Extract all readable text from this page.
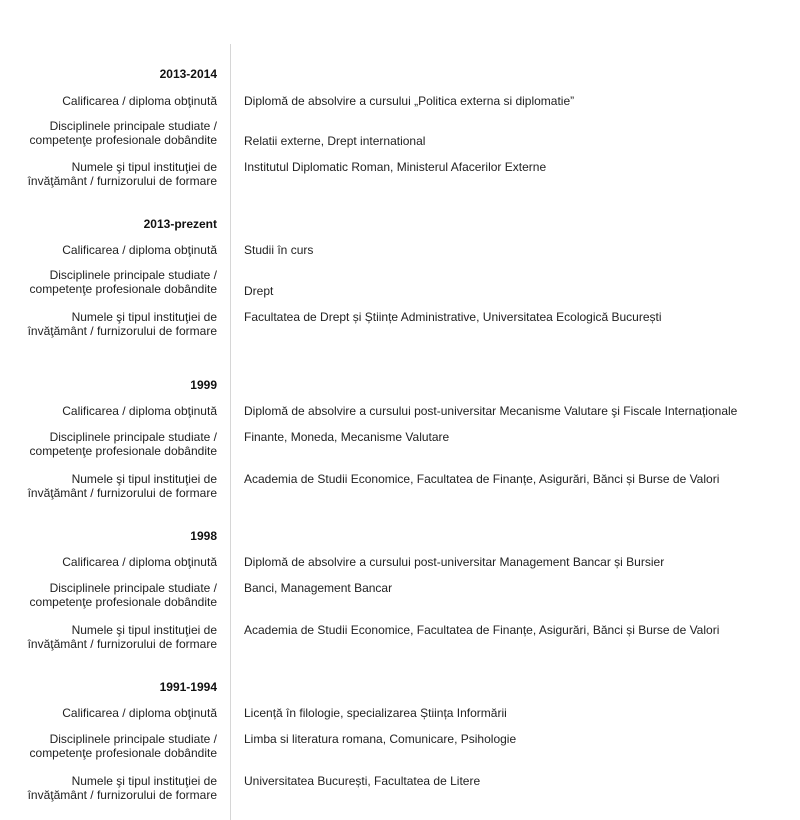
2013-2014
Calificarea / diploma obţinută Diplomă de absolvire a cursului „Politica externa si diplomatie”
Disciplinele principale studiate /
competenţe profesionale dobândite Relatii externe, Drept international
Numele şi tipul instituţiei de
învăţământ / furnizorului de formare
Institutul Diplomatic Roman, Ministerul Afacerilor Externe
2013-prezent
Calificarea / diploma obţinută Studii în curs
Disciplinele principale studiate /
competenţe profesionale dobândite Drept
Numele şi tipul instituţiei de
învăţământ / furnizorului de formare
Facultatea de Drept și Științe Administrative, Universitatea Ecologică București
1999
Calificarea / diploma obţinută Diplomă de absolvire a cursului post-universitar Mecanisme Valutare şi Fiscale Internaționale
Disciplinele principale studiate /
competenţe profesionale dobândite
Finante, Moneda, Mecanisme Valutare
Numele şi tipul instituţiei de
învăţământ / furnizorului de formare
Academia de Studii Economice, Facultatea de Finanțe, Asigurări, Bănci și Burse de Valori
1998
Calificarea / diploma obţinută Diplomă de absolvire a cursului post-universitar Management Bancar și Bursier
Disciplinele principale studiate /
competenţe profesionale dobândite
Banci, Management Bancar
Numele şi tipul instituţiei de
învăţământ / furnizorului de formare
Academia de Studii Economice, Facultatea de Finanțe, Asigurări, Bănci și Burse de Valori
1991-1994
Calificarea / diploma obţinută Licență în filologie, specializarea Știința Informării
Disciplinele principale studiate /
competenţe profesionale dobândite
Limba si literatura romana, Comunicare, Psihologie
Numele şi tipul instituţiei de
învăţământ / furnizorului de formare
Universitatea București, Facultatea de Litere
